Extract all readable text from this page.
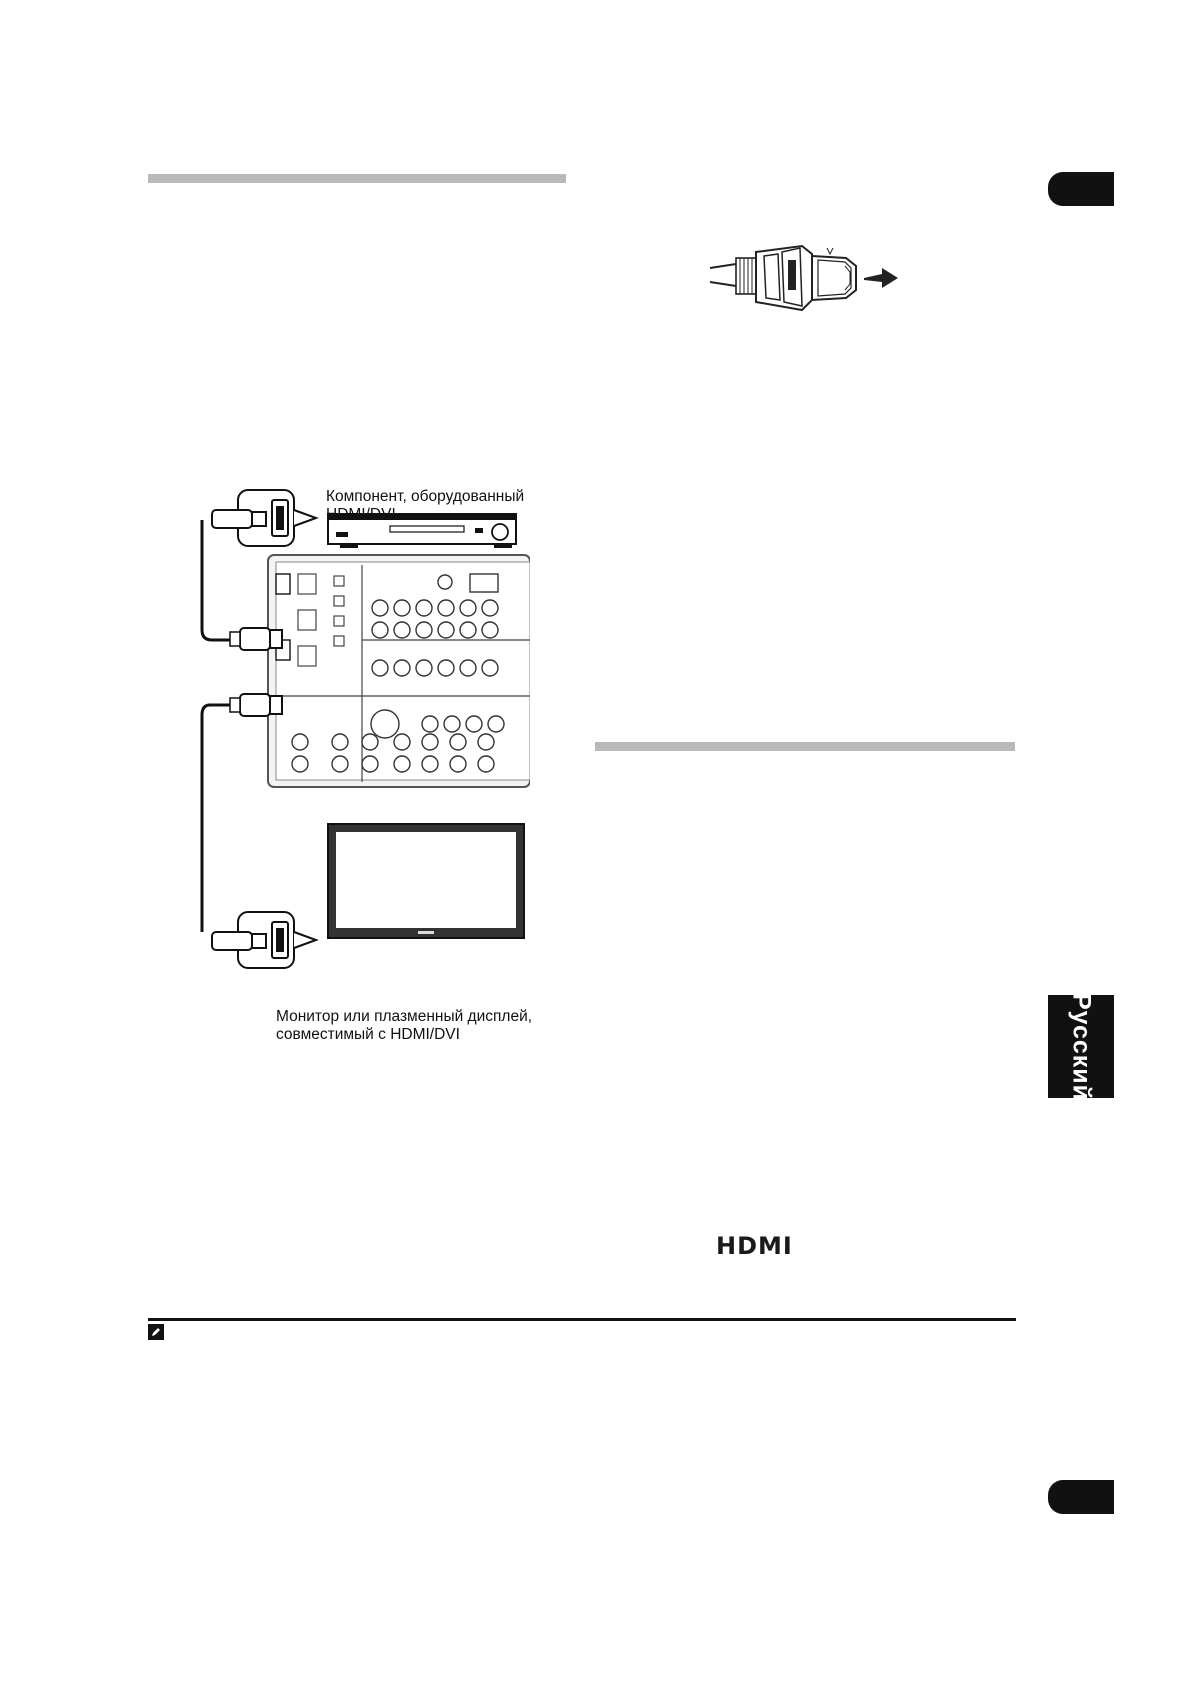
Компонент, оборудованный
HDMI/DVI
Монитор или плазменный дисплей,
совместимый с HDMI/DVI	Русский
HDMI
